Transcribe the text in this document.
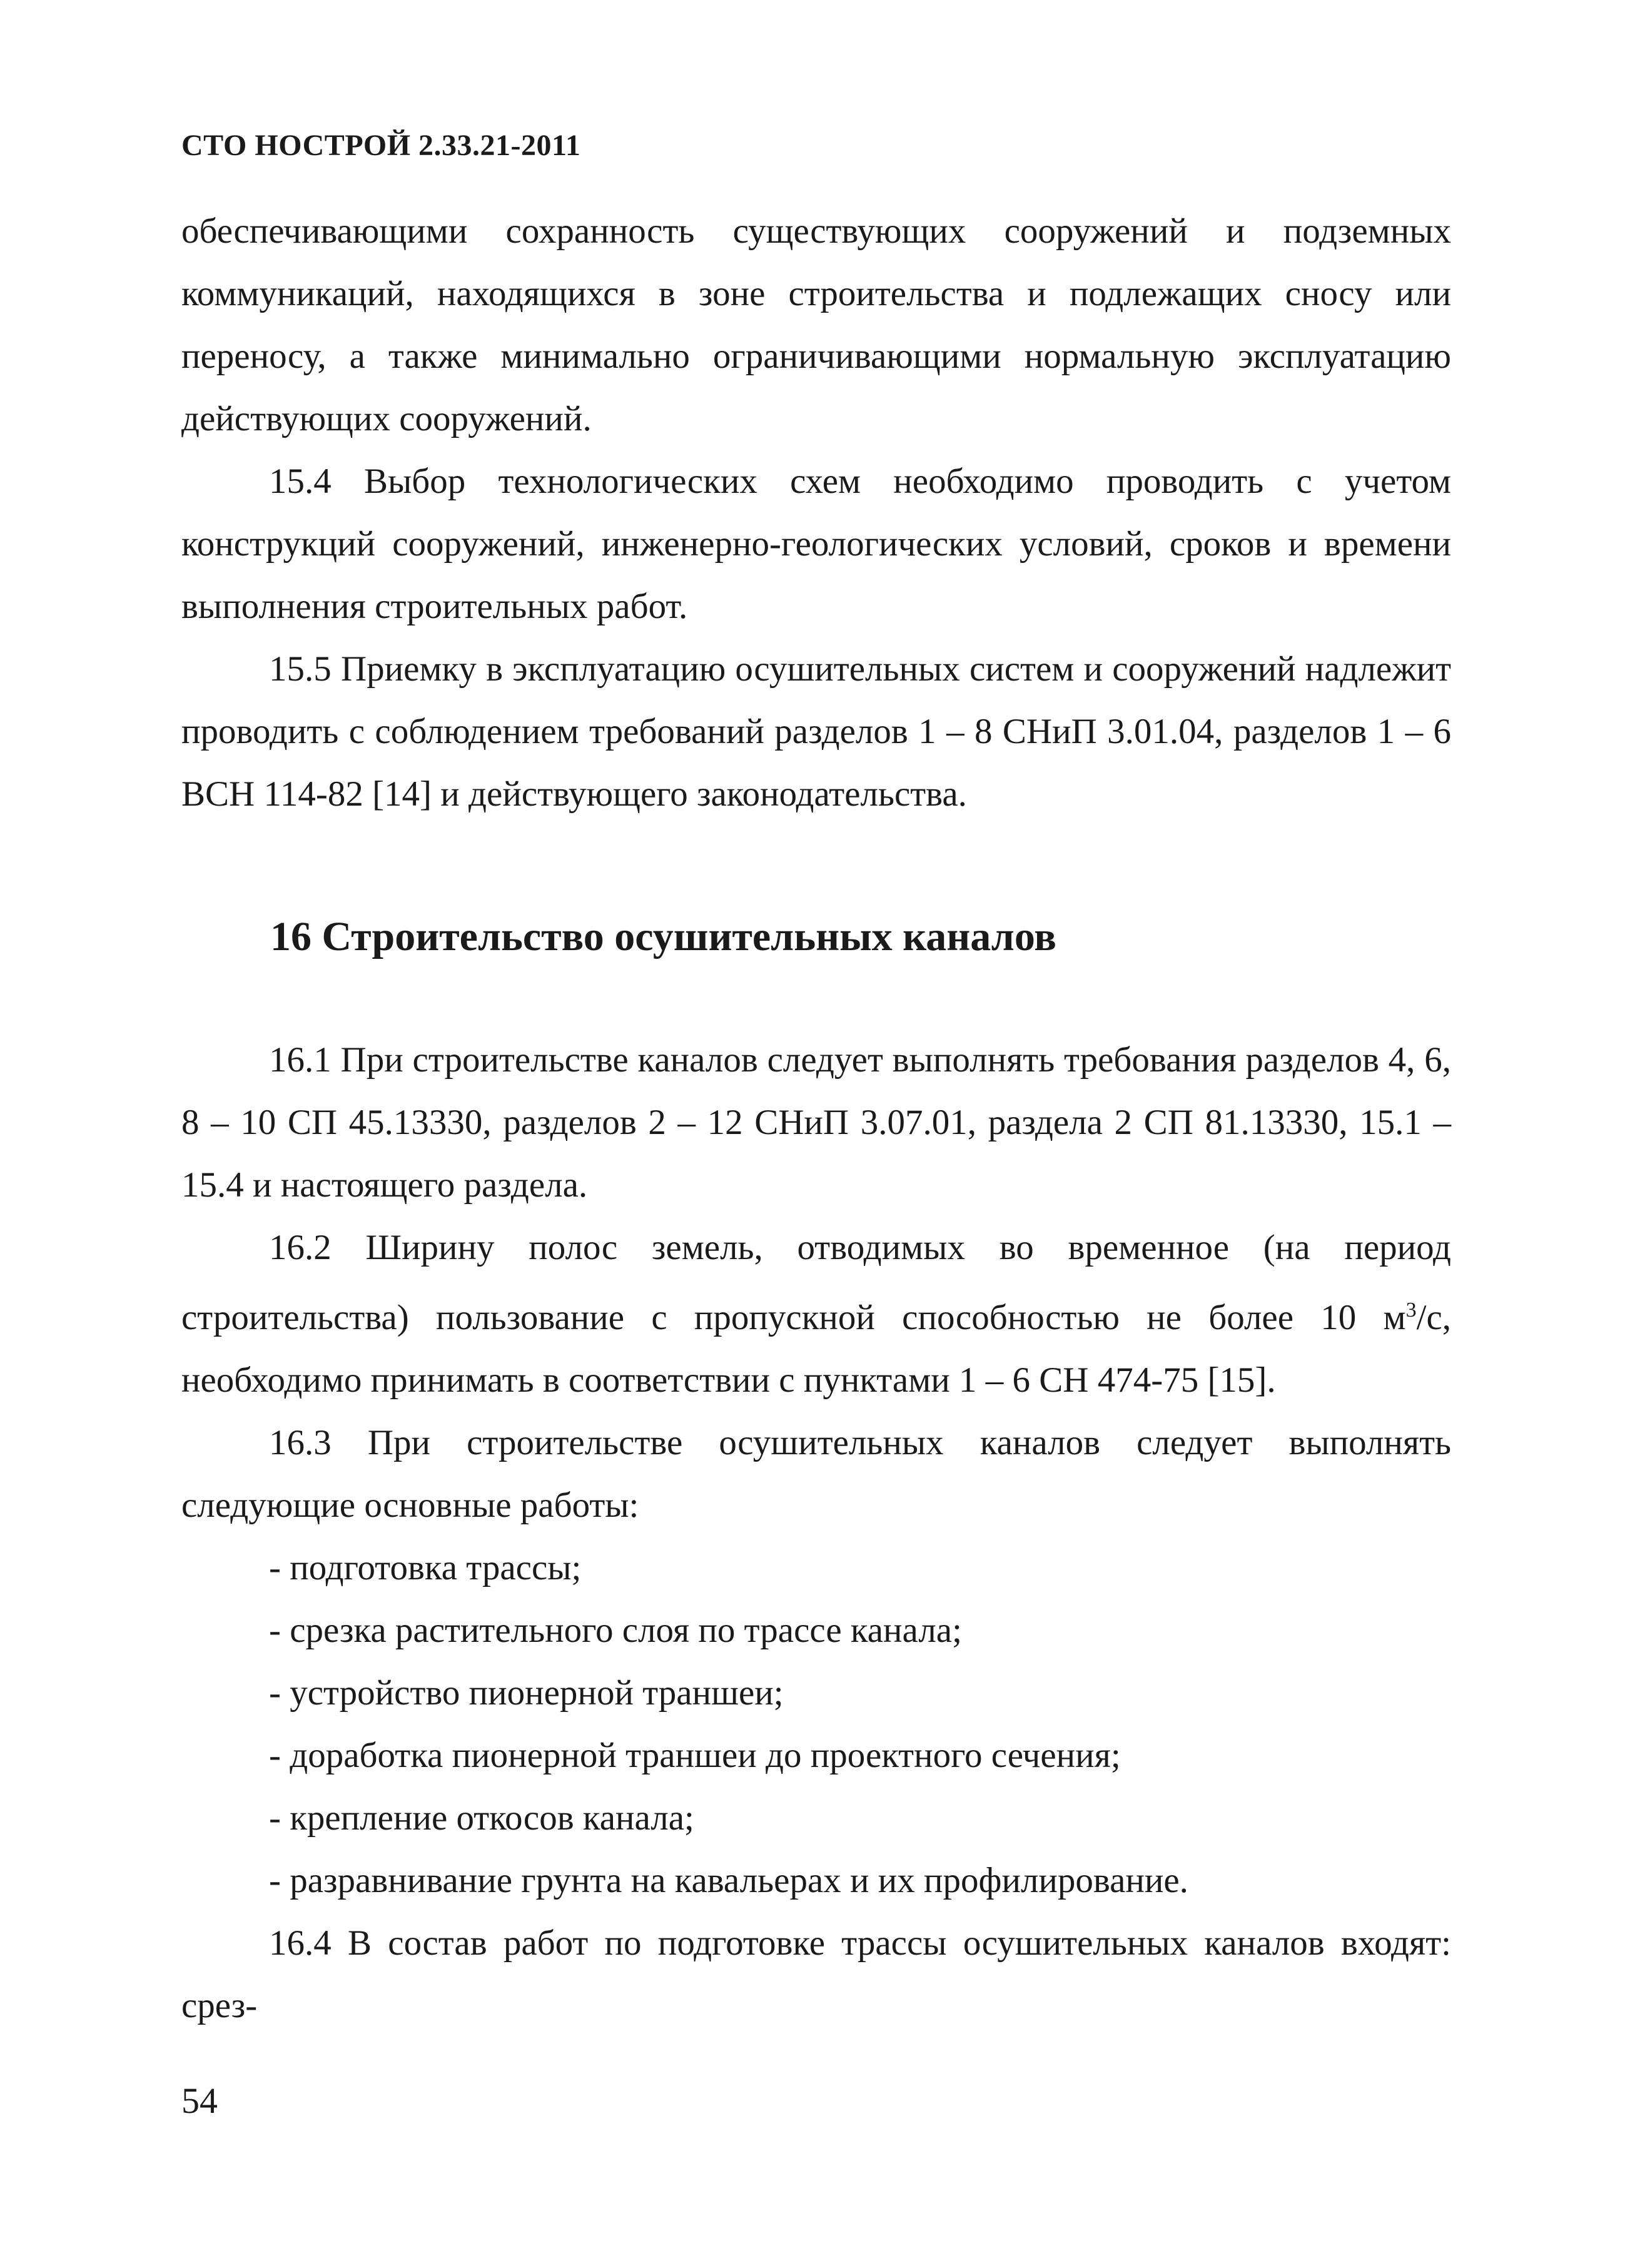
СТО НОСТРОЙ 2.33.21-2011

обеспечивающими сохранность существующих сооружений и подземных коммуникаций, находящихся в зоне строительства и подлежащих сносу или переносу, а также минимально ограничивающими нормальную эксплуатацию действующих сооружений.

15.4 Выбор технологических схем необходимо проводить с учетом конструкций сооружений, инженерно-геологических условий, сроков и времени выполнения строительных работ.

15.5 Приемку в эксплуатацию осушительных систем и сооружений надлежит проводить с соблюдением требований разделов 1 – 8 СНиП 3.01.04, разделов 1 – 6 ВСН 114-82 [14] и действующего законодательства.

16 Строительство осушительных каналов

16.1 При строительстве каналов следует выполнять требования разделов 4, 6, 8 – 10 СП 45.13330, разделов 2 – 12 СНиП 3.07.01, раздела 2 СП 81.13330, 15.1 – 15.4 и настоящего раздела.

16.2 Ширину полос земель, отводимых во временное (на период строительства) пользование с пропускной способностью не более 10 $м^3/с$, необходимо принимать в соответствии с пунктами 1 – 6 СН 474-75 [15].

16.3 При строительстве осушительных каналов следует выполнять следующие основные работы:

- подготовка трассы;

- срезка растительного слоя по трассе канала;

- устройство пионерной траншеи;

- доработка пионерной траншеи до проектного сечения;

- крепление откосов канала;

- разравнивание грунта на кавальерах и их профилирование.

16.4 В состав работ по подготовке трассы осушительных каналов входят: срез-

54
